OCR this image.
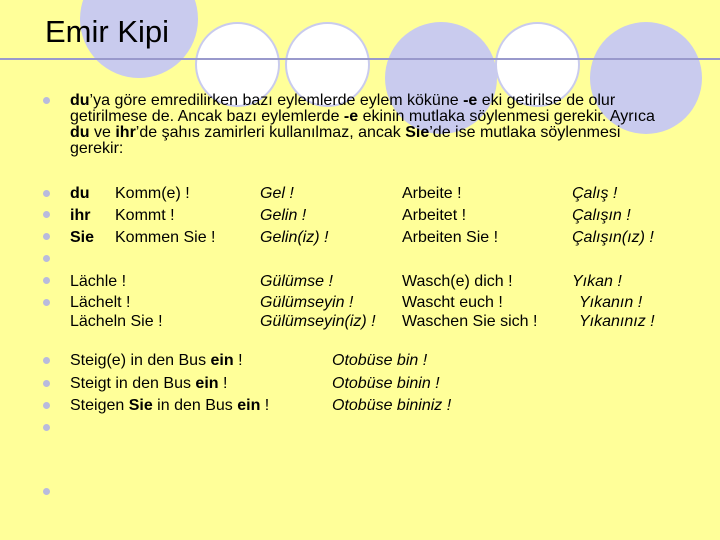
Emir Kipi
du’ya göre emredilirken bazı eylemlerde eylem köküne -e eki getirilse de olur getirilmese de. Ancak bazı eylemlerde -e ekinin mutlaka söylenmesi gerekir. Ayrıca du ve ihr’de şahıs zamirleri kullanılmaz, ancak Sie’de ise mutlaka söylenmesi gerekir:
du
ihr
Sie
Komm(e) !
Kommt !
Kommen Sie !
Gel !
Gelin !
Gelin(iz) !
Arbeite !
Arbeitet !
Arbeiten Sie !
Çalış !
Çalışın !
Çalışın(ız) !
Lächle !
Lächelt !
Lächeln Sie !
Gülümse !
Gülümseyin !
Gülümseyin(iz) !
Wasch(e) dich !
Wascht euch !
Waschen Sie sich !
Yıkan !
Yıkanın !
Yıkanınız !
Steig(e) in den Bus ein !
Steigt in den Bus ein !
Steigen Sie in den Bus ein !
Otobüse bin !
Otobüse binin !
Otobüse bininiz !
